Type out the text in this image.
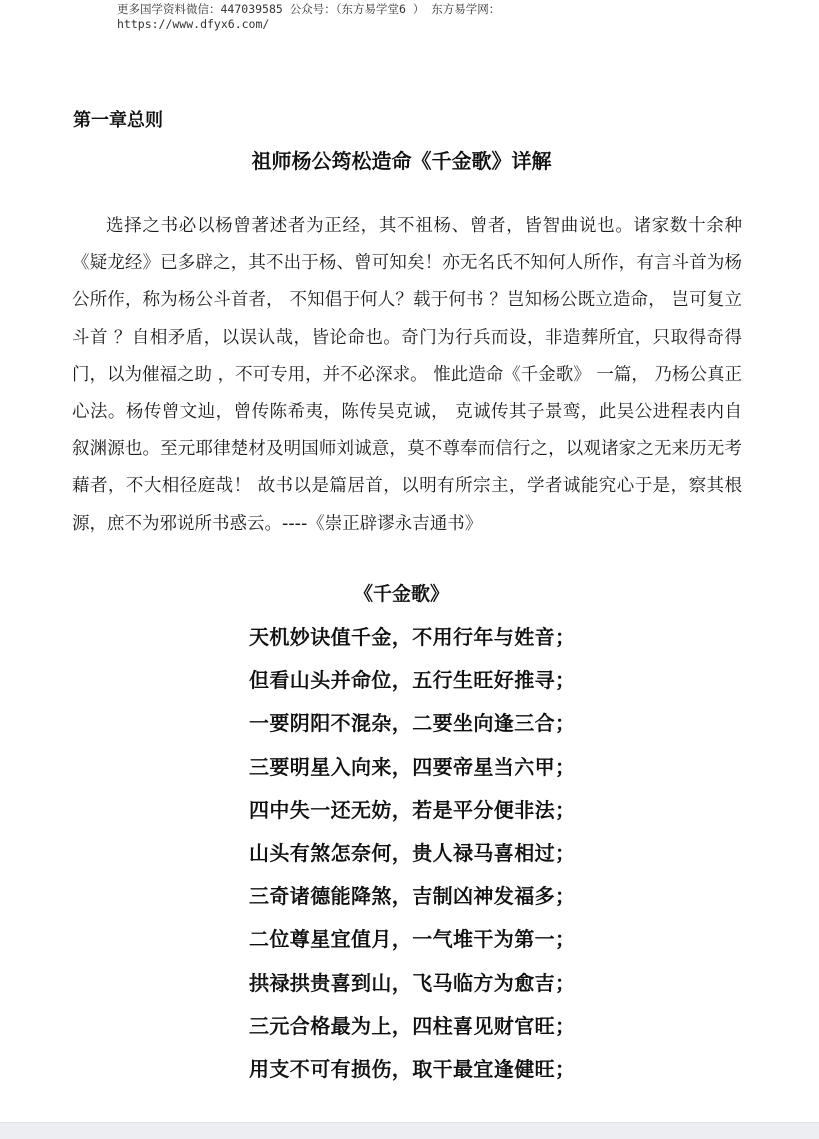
更多国学资料微信：447039585 公众号：（东方易学堂6 ） 东方易学网：
https://www.dfyx6.com/
第一章总则
祖师杨公筠松造命《千金歌》详解

选择之书必以杨曾著述者为正经，其不祖杨、曾者，皆智曲说也。诸家数十余种《疑龙经》已多辟之，其不出于杨、曾可知矣！亦无名氏不知何人所作，有言斗首为杨公所作，称为杨公斗首者， 不知倡于何人？载于何书 ？岂知杨公既立造命， 岂可复立斗首 ？自相矛盾，以误认哉，皆论命也。奇门为行兵而设，非造葬所宜，只取得奇得门，以为催福之助 ，不可专用，并不必深求。 惟此造命《千金歌》 一篇， 乃杨公真正心法。杨传曾文辿，曾传陈希夷，陈传吴克诚， 克诚传其子景鸾，此吴公进程表内自叙渊源也。至元耶律楚材及明国师刘诚意，莫不尊奉而信行之，以观诸家之无来历无考藉者，不大相径庭哉！ 故书以是篇居首，以明有所宗主，学者诚能究心于是，察其根源，庶不为邪说所书惑云。----《崇正辟谬永吉通书》

《千金歌》
天机妙诀值千金，不用行年与姓音；
但看山头并命位，五行生旺好推寻；
一要阴阳不混杂，二要坐向逢三合；
三要明星入向来，四要帝星当六甲；
四中失一还无妨，若是平分便非法；
山头有煞怎奈何，贵人禄马喜相过；
三奇诸德能降煞，吉制凶神发福多；
二位尊星宜值月，一气堆干为第一；
拱禄拱贵喜到山，飞马临方为愈吉；
三元合格最为上，四柱喜见财官旺；
用支不可有损伤，取干最宜逢健旺；
